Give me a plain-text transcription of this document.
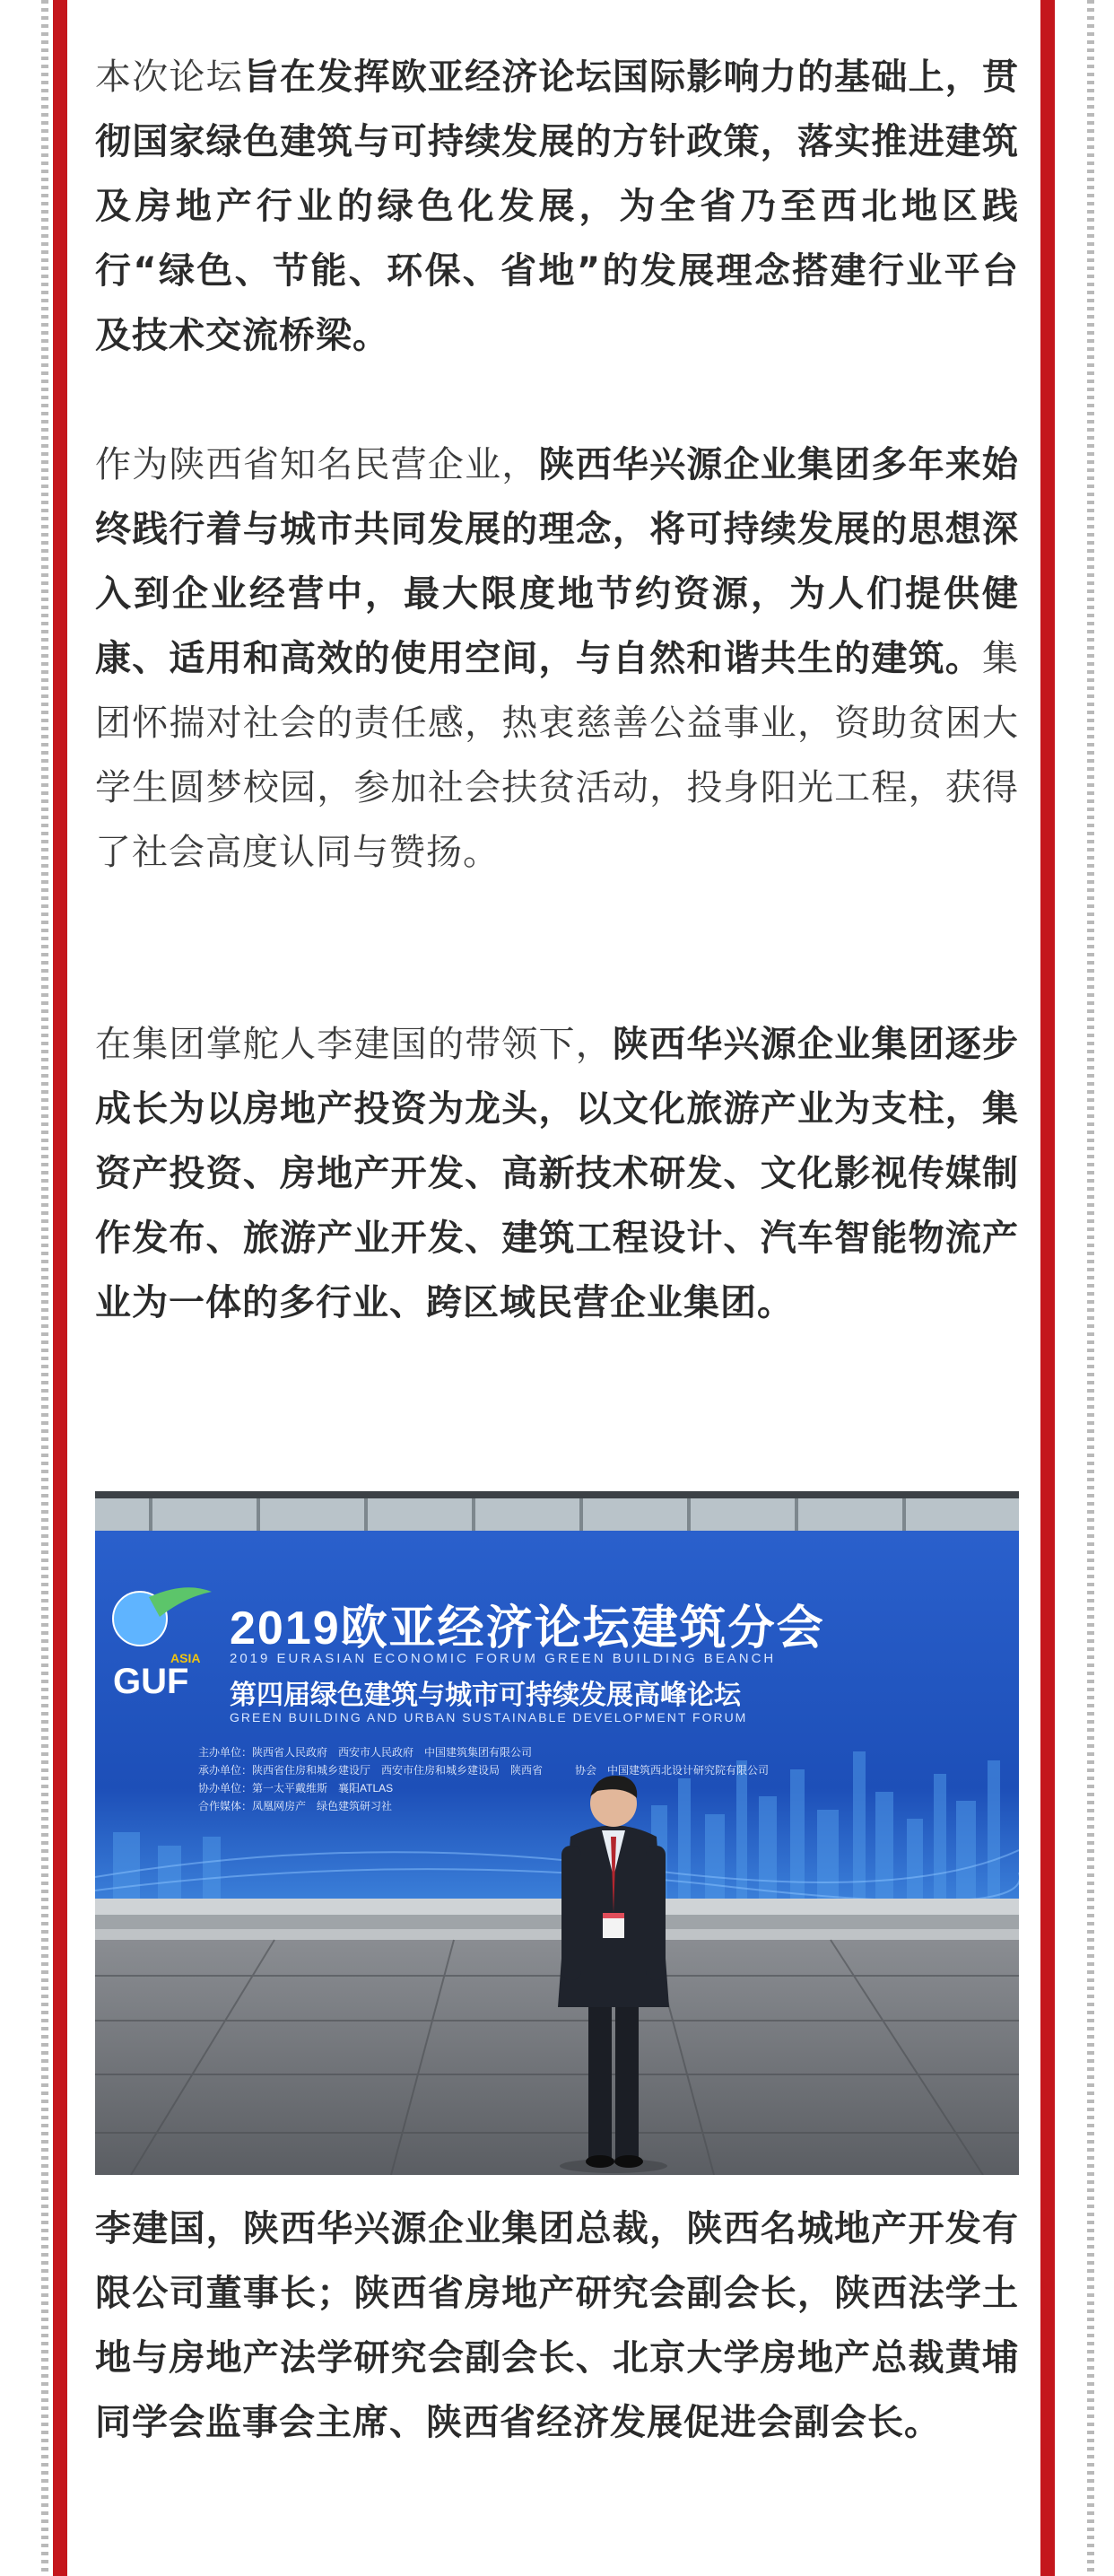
本次论坛旨在发挥欧亚经济论坛国际影响力的基础上，贯彻国家绿色建筑与可持续发展的方针政策，落实推进建筑及房地产行业的绿色化发展，为全省乃至西北地区践行“绿色、节能、环保、省地”的发展理念搭建行业平台及技术交流桥梁。

作为陕西省知名民营企业，陕西华兴源企业集团多年来始终践行着与城市共同发展的理念，将可持续发展的思想深入到企业经营中，最大限度地节约资源，为人们提供健康、适用和高效的使用空间，与自然和谐共生的建筑。集团怀揣对社会的责任感，热衷慈善公益事业，资助贫困大学生圆梦校园，参加社会扶贫活动，投身阳光工程，获得了社会高度认同与赞扬。

在集团掌舵人李建国的带领下，陕西华兴源企业集团逐步成长为以房地产投资为龙头，以文化旅游产业为支柱，集资产投资、房地产开发、高新技术研发、文化影视传媒制作发布、旅游产业开发、建筑工程设计、汽车智能物流产业为一体的多行业、跨区域民营企业集团。

ASIA
GUF
2019欧亚经济论坛建筑分会
2019 EURASIAN ECONOMIC FORUM GREEN BUILDING BEANCH
第四届绿色建筑与城市可持续发展高峰论坛
GREEN BUILDING AND URBAN SUSTAINABLE DEVELOPMENT FORUM
主办单位：陕西省人民政府　西安市人民政府　中国建筑集团有限公司
承办单位：陕西省住房和城乡建设厅　西安市住房和城乡建设局　陕西省　　　协会　中国建筑西北设计研究院有限公司
协办单位：第一太平戴维斯　襄阳ATLAS
合作媒体：凤凰网房产　绿色建筑研习社

李建国，陕西华兴源企业集团总裁，陕西名城地产开发有限公司董事长；陕西省房地产研究会副会长，陕西法学土地与房地产法学研究会副会长、北京大学房地产总裁黄埔同学会监事会主席、陕西省经济发展促进会副会长。
